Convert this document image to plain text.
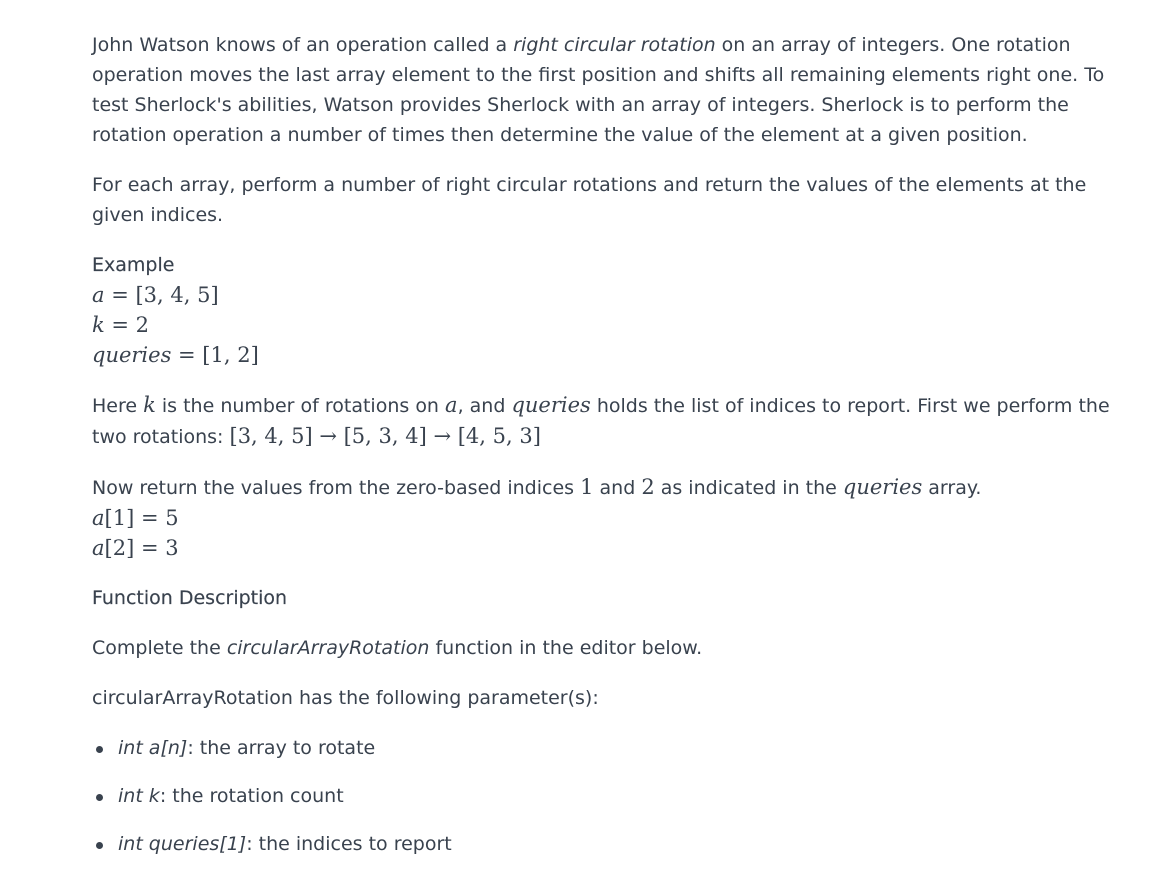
John Watson knows of an operation called a right circular rotation on an array of integers. One rotation operation moves the last array element to the first position and shifts all remaining elements right one. To test Sherlock's abilities, Watson provides Sherlock with an array of integers. Sherlock is to perform the rotation operation a number of times then determine the value of the element at a given position.

For each array, perform a number of right circular rotations and return the values of the elements at the given indices.

Example
a = [3, 4, 5]
k = 2
queries = [1, 2]

Here k is the number of rotations on a, and queries holds the list of indices to report. First we perform the two rotations: [3, 4, 5] → [5, 3, 4] → [4, 5, 3]

Now return the values from the zero-based indices 1 and 2 as indicated in the queries array.
a[1] = 5
a[2] = 3

Function Description

Complete the circularArrayRotation function in the editor below.

circularArrayRotation has the following parameter(s):

int a[n]: the array to rotate
int k: the rotation count
int queries[1]: the indices to report
